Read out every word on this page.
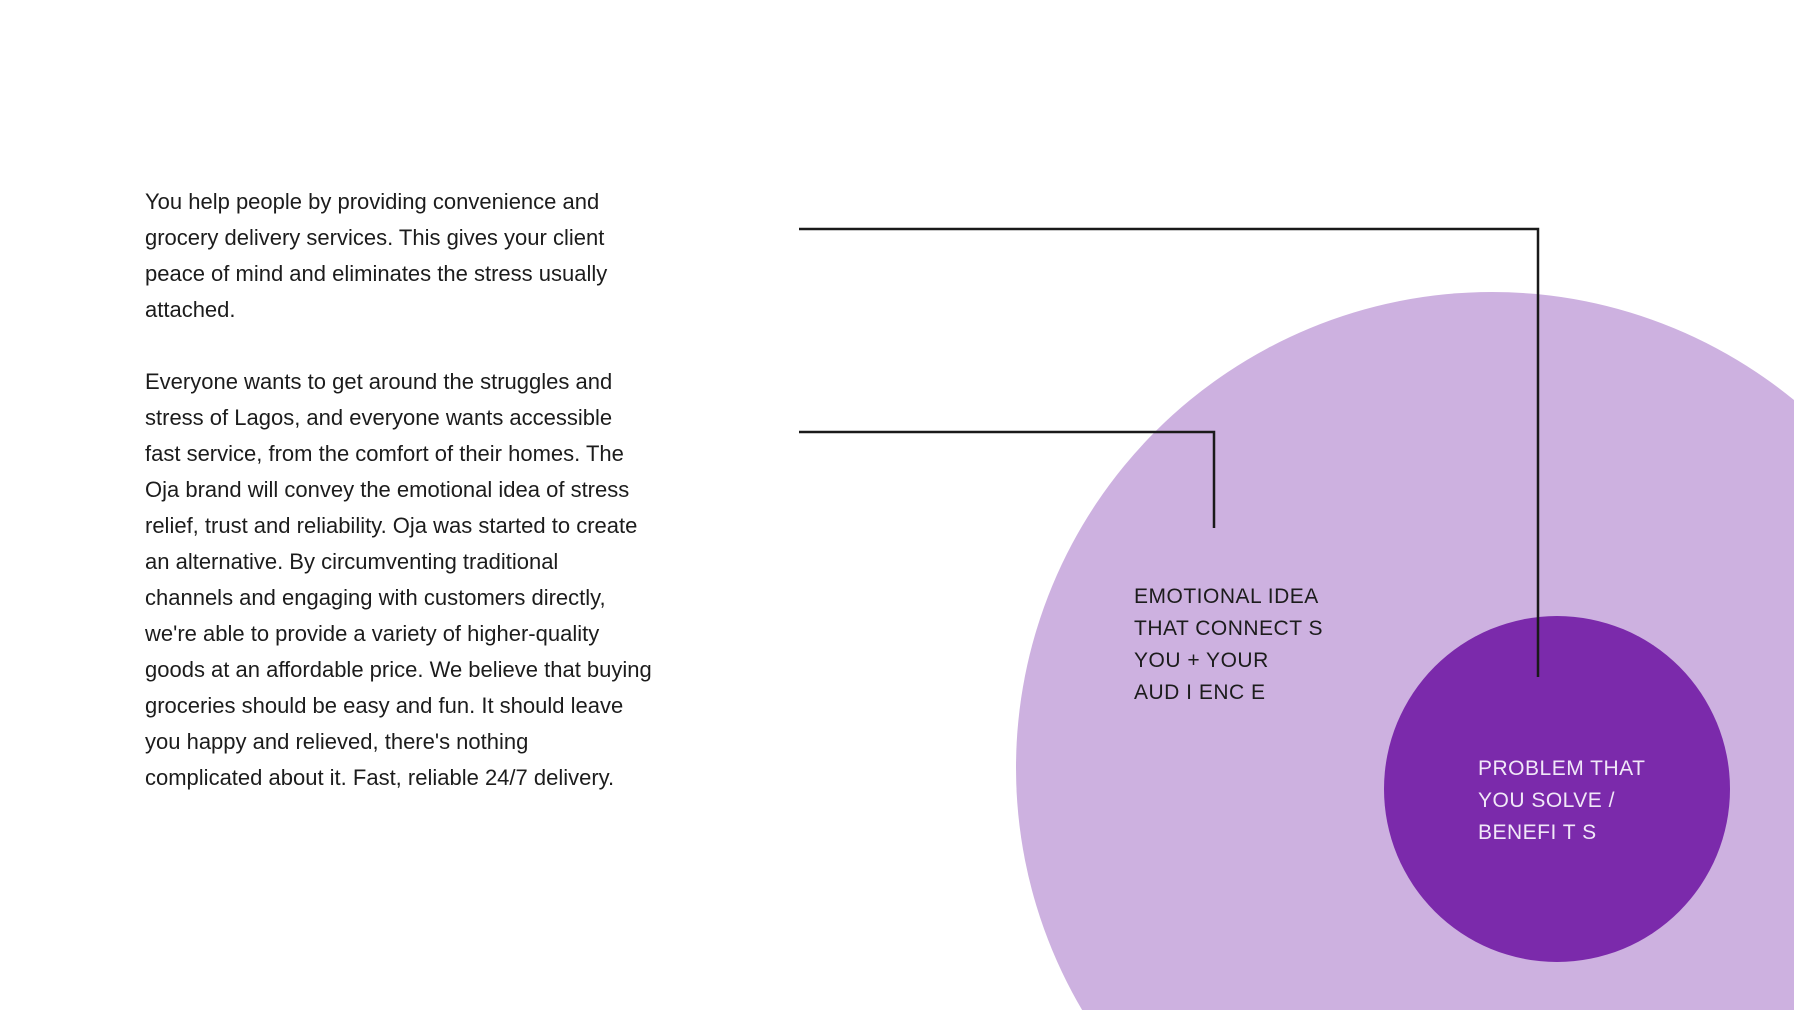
You help people by providing convenience and
grocery delivery services. This gives your client
peace of mind and eliminates the stress usually
attached.

Everyone wants to get around the struggles and
stress of Lagos, and everyone wants accessible
fast service, from the comfort of their homes. The
Oja brand will convey the emotional idea of stress
relief, trust and reliability. Oja was started to create
an alternative. By circumventing traditional
channels and engaging with customers directly,
we're able to provide a variety of higher-quality
goods at an affordable price. We believe that buying
groceries should be easy and fun. It should leave
you happy and relieved, there's nothing
complicated about it. Fast, reliable 24/7 delivery.

EMOTIONAL IDEA
THAT CONNECT S
YOU + YOUR
AUD I ENC E

PROBLEM THAT
YOU SOLVE /
BENEFI T S
